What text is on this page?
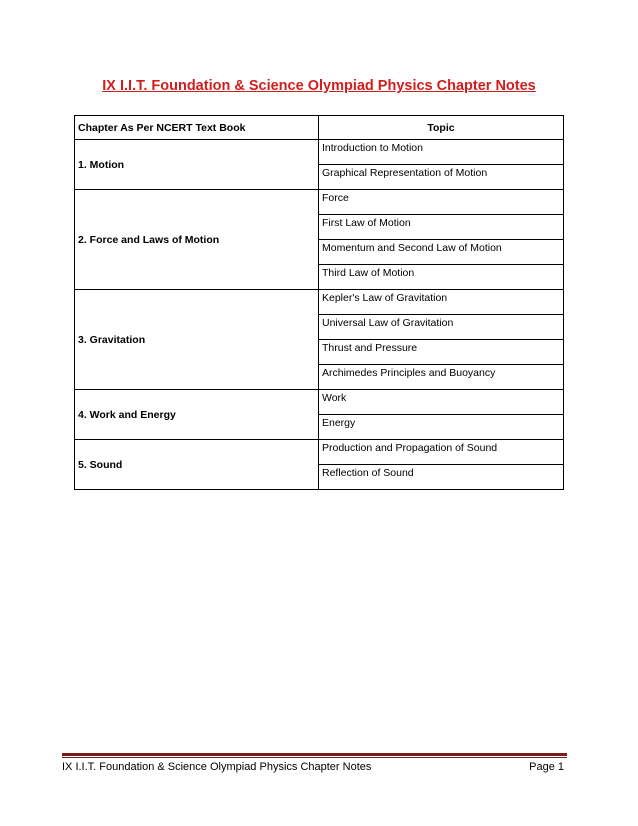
IX I.I.T. Foundation & Science Olympiad Physics Chapter Notes
Chapter As Per NCERT Text Book	Topic
1. Motion	Introduction to Motion
	Graphical Representation of Motion
2. Force and Laws of Motion	Force
	First Law of Motion
	Momentum and Second Law of Motion
	Third Law of Motion
3. Gravitation	Kepler's Law of Gravitation
	Universal Law of Gravitation
	Thrust and Pressure
	Archimedes Principles and Buoyancy
4. Work and Energy	Work
	Energy
5. Sound	Production and Propagation of Sound
	Reflection of Sound
IX I.I.T. Foundation & Science Olympiad Physics Chapter Notes	Page 1
